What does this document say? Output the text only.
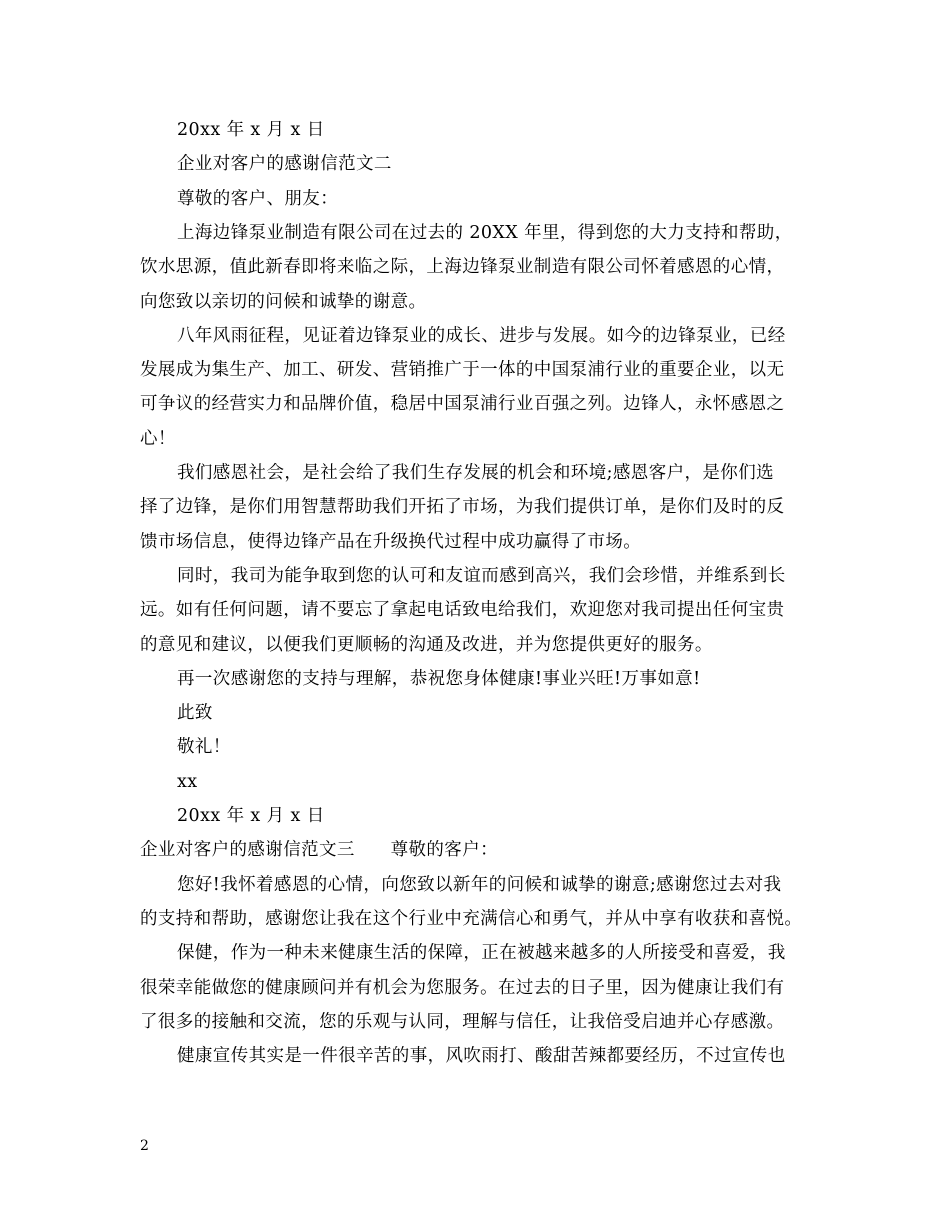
20xx 年 x 月 x 日
企业对客户的感谢信范文二
尊敬的客户、朋友：
上海边锋泵业制造有限公司在过去的 20XX 年里，得到您的大力支持和帮助，
饮水思源，值此新春即将来临之际，上海边锋泵业制造有限公司怀着感恩的心情，
向您致以亲切的问候和诚挚的谢意。
八年风雨征程，见证着边锋泵业的成长、进步与发展。如今的边锋泵业，已经
发展成为集生产、加工、研发、营销推广于一体的中国泵浦行业的重要企业，以无
可争议的经营实力和品牌价值，稳居中国泵浦行业百强之列。边锋人，永怀感恩之
心！
我们感恩社会，是社会给了我们生存发展的机会和环境;感恩客户，是你们选
择了边锋，是你们用智慧帮助我们开拓了市场，为我们提供订单，是你们及时的反
馈市场信息，使得边锋产品在升级换代过程中成功赢得了市场。
同时，我司为能争取到您的认可和友谊而感到高兴，我们会珍惜，并维系到长
远。如有任何问题，请不要忘了拿起电话致电给我们，欢迎您对我司提出任何宝贵
的意见和建议，以便我们更顺畅的沟通及改进，并为您提供更好的服务。
再一次感谢您的支持与理解，恭祝您身体健康!事业兴旺!万事如意!
此致
敬礼！
xx
20xx 年 x 月 x 日
企业对客户的感谢信范文三　　尊敬的客户：
您好!我怀着感恩的心情，向您致以新年的问候和诚挚的谢意;感谢您过去对我
的支持和帮助，感谢您让我在这个行业中充满信心和勇气，并从中享有收获和喜悦。
保健，作为一种未来健康生活的保障，正在被越来越多的人所接受和喜爱，我
很荣幸能做您的健康顾问并有机会为您服务。在过去的日子里，因为健康让我们有
了很多的接触和交流，您的乐观与认同，理解与信任，让我倍受启迪并心存感激。
健康宣传其实是一件很辛苦的事，风吹雨打、酸甜苦辣都要经历，不过宣传也
2
